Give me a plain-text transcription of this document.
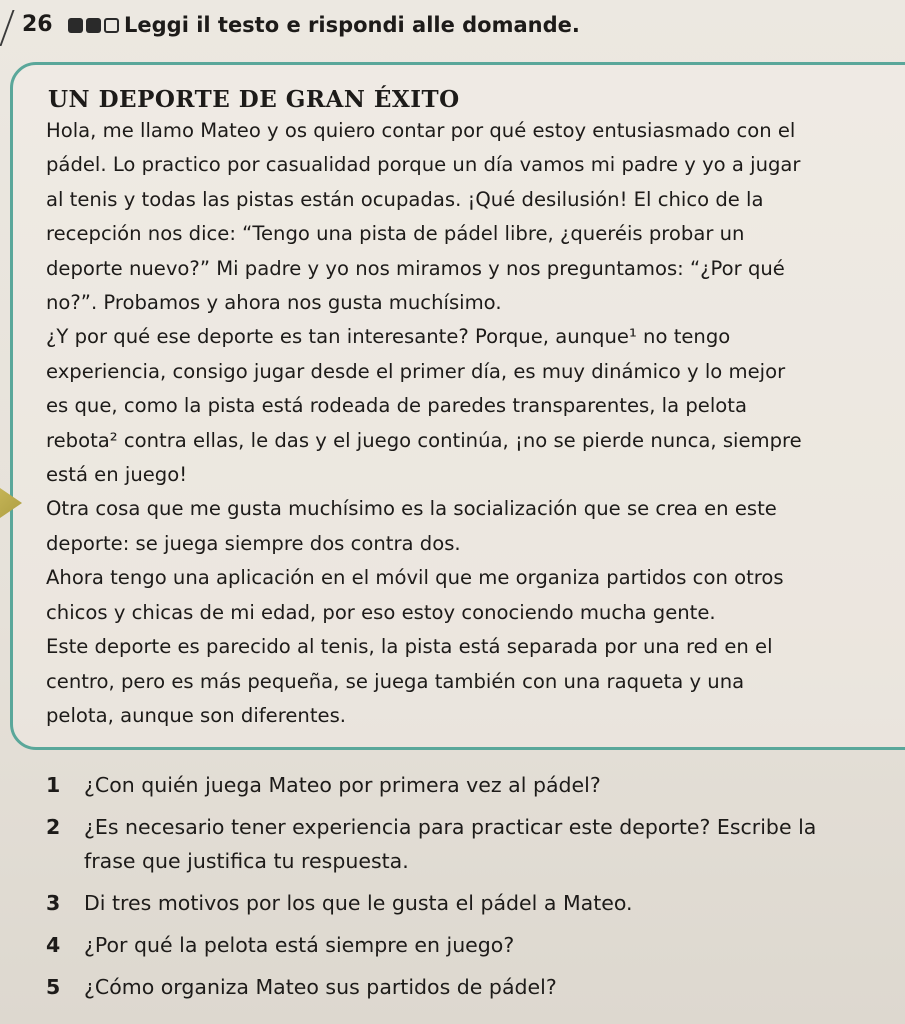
26	Leggi il testo e rispondi alle domande.
UN DEPORTE DE GRAN ÉXITO

Hola, me llamo Mateo y os quiero contar por qué estoy entusiasmado con el
pádel. Lo practico por casualidad porque un día vamos mi padre y yo a jugar
al tenis y todas las pistas están ocupadas. ¡Qué desilusión! El chico de la
recepción nos dice: “Tengo una pista de pádel libre, ¿queréis probar un
deporte nuevo?” Mi padre y yo nos miramos y nos preguntamos: “¿Por qué
no?”. Probamos y ahora nos gusta muchísimo.

¿Y por qué ese deporte es tan interesante? Porque, aunque¹ no tengo
experiencia, consigo jugar desde el primer día, es muy dinámico y lo mejor
es que, como la pista está rodeada de paredes transparentes, la pelota
rebota² contra ellas, le das y el juego continúa, ¡no se pierde nunca, siempre
está en juego!

Otra cosa que me gusta muchísimo es la socialización que se crea en este
deporte: se juega siempre dos contra dos.

Ahora tengo una aplicación en el móvil que me organiza partidos con otros
chicos y chicas de mi edad, por eso estoy conociendo mucha gente.

Este deporte es parecido al tenis, la pista está separada por una red en el
centro, pero es más pequeña, se juega también con una raqueta y una
pelota, aunque son diferentes.

1 ¿Con quién juega Mateo por primera vez al pádel?
2 ¿Es necesario tener experiencia para practicar este deporte? Escribe la
frase que justifica tu respuesta.
3 Di tres motivos por los que le gusta el pádel a Mateo.
4 ¿Por qué la pelota está siempre en juego?
5 ¿Cómo organiza Mateo sus partidos de pádel?
